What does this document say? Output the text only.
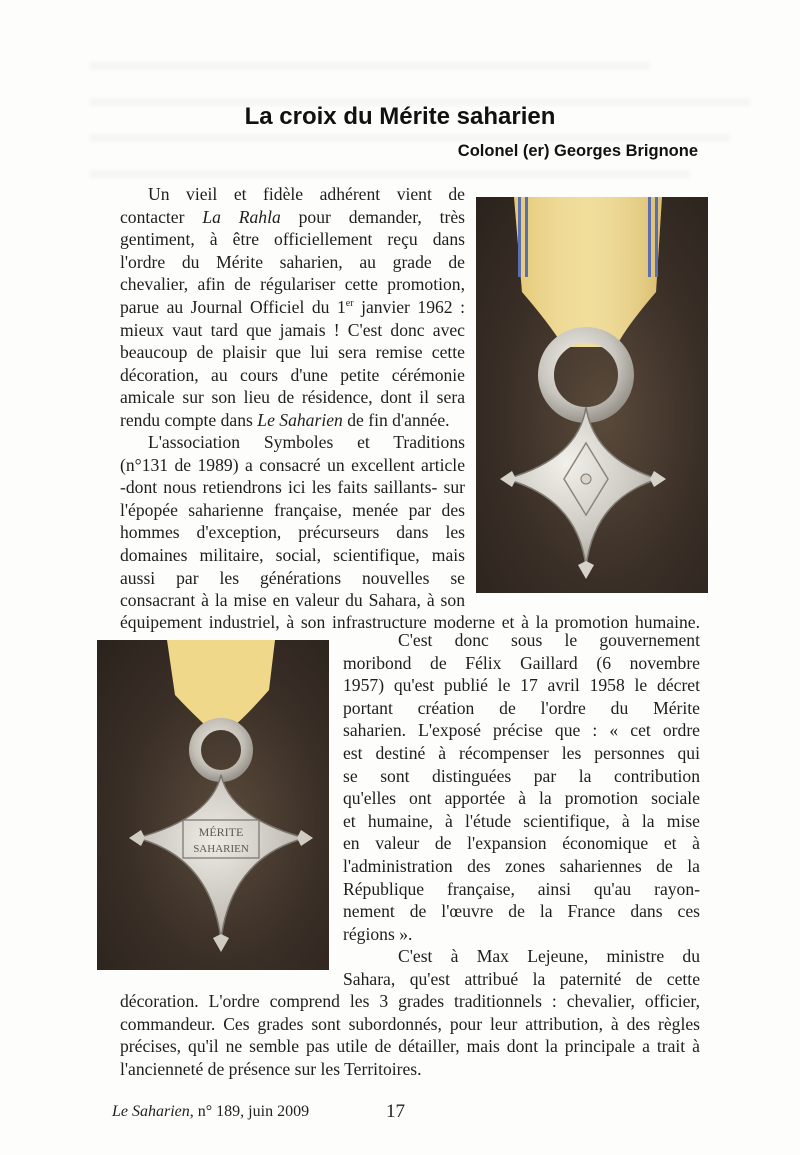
La croix du Mérite saharien
Colonel (er) Georges Brignone
Un vieil et fidèle adhérent vient de
contacter La Rahla pour demander, très
gentiment, à être officiellement reçu dans
l'ordre du Mérite saharien, au grade de
chevalier, afin de régulariser cette promotion,
parue au Journal Officiel du 1er janvier 1962 :
mieux vaut tard que jamais ! C'est donc avec
beaucoup de plaisir que lui sera remise cette
décoration, au cours d'une petite cérémonie
amicale sur son lieu de résidence, dont il sera
rendu compte dans Le Saharien de fin d'année.
L'association Symboles et Traditions
(n°131 de 1989) a consacré un excellent article
-dont nous retiendrons ici les faits saillants- sur
l'épopée saharienne française, menée par des
hommes d'exception, précurseurs dans les
domaines militaire, social, scientifique, mais
aussi par les générations nouvelles se
consacrant à la mise en valeur du Sahara, à son
équipement industriel, à son infrastructure moderne et à la promotion humaine.
MÉRITE
SAHARIEN
C'est donc sous le gouvernement
moribond de Félix Gaillard (6 novembre
1957) qu'est publié le 17 avril 1958 le décret
portant création de l'ordre du Mérite
saharien. L'exposé précise que : « cet ordre
est destiné à récompenser les personnes qui
se sont distinguées par la contribution
qu'elles ont apportée à la promotion sociale
et humaine, à l'étude scientifique, à la mise
en valeur de l'expansion économique et à
l'administration des zones sahariennes de la
République française, ainsi qu'au rayon-
nement de l'œuvre de la France dans ces
régions ».
C'est à Max Lejeune, ministre du
Sahara, qu'est attribué la paternité de cette
décoration. L'ordre comprend les 3 grades traditionnels : chevalier, officier,
commandeur. Ces grades sont subordonnés, pour leur attribution, à des règles
précises, qu'il ne semble pas utile de détailler, mais dont la principale a trait à
l'ancienneté de présence sur les Territoires.
Le Saharien, n° 189, juin 2009	17
